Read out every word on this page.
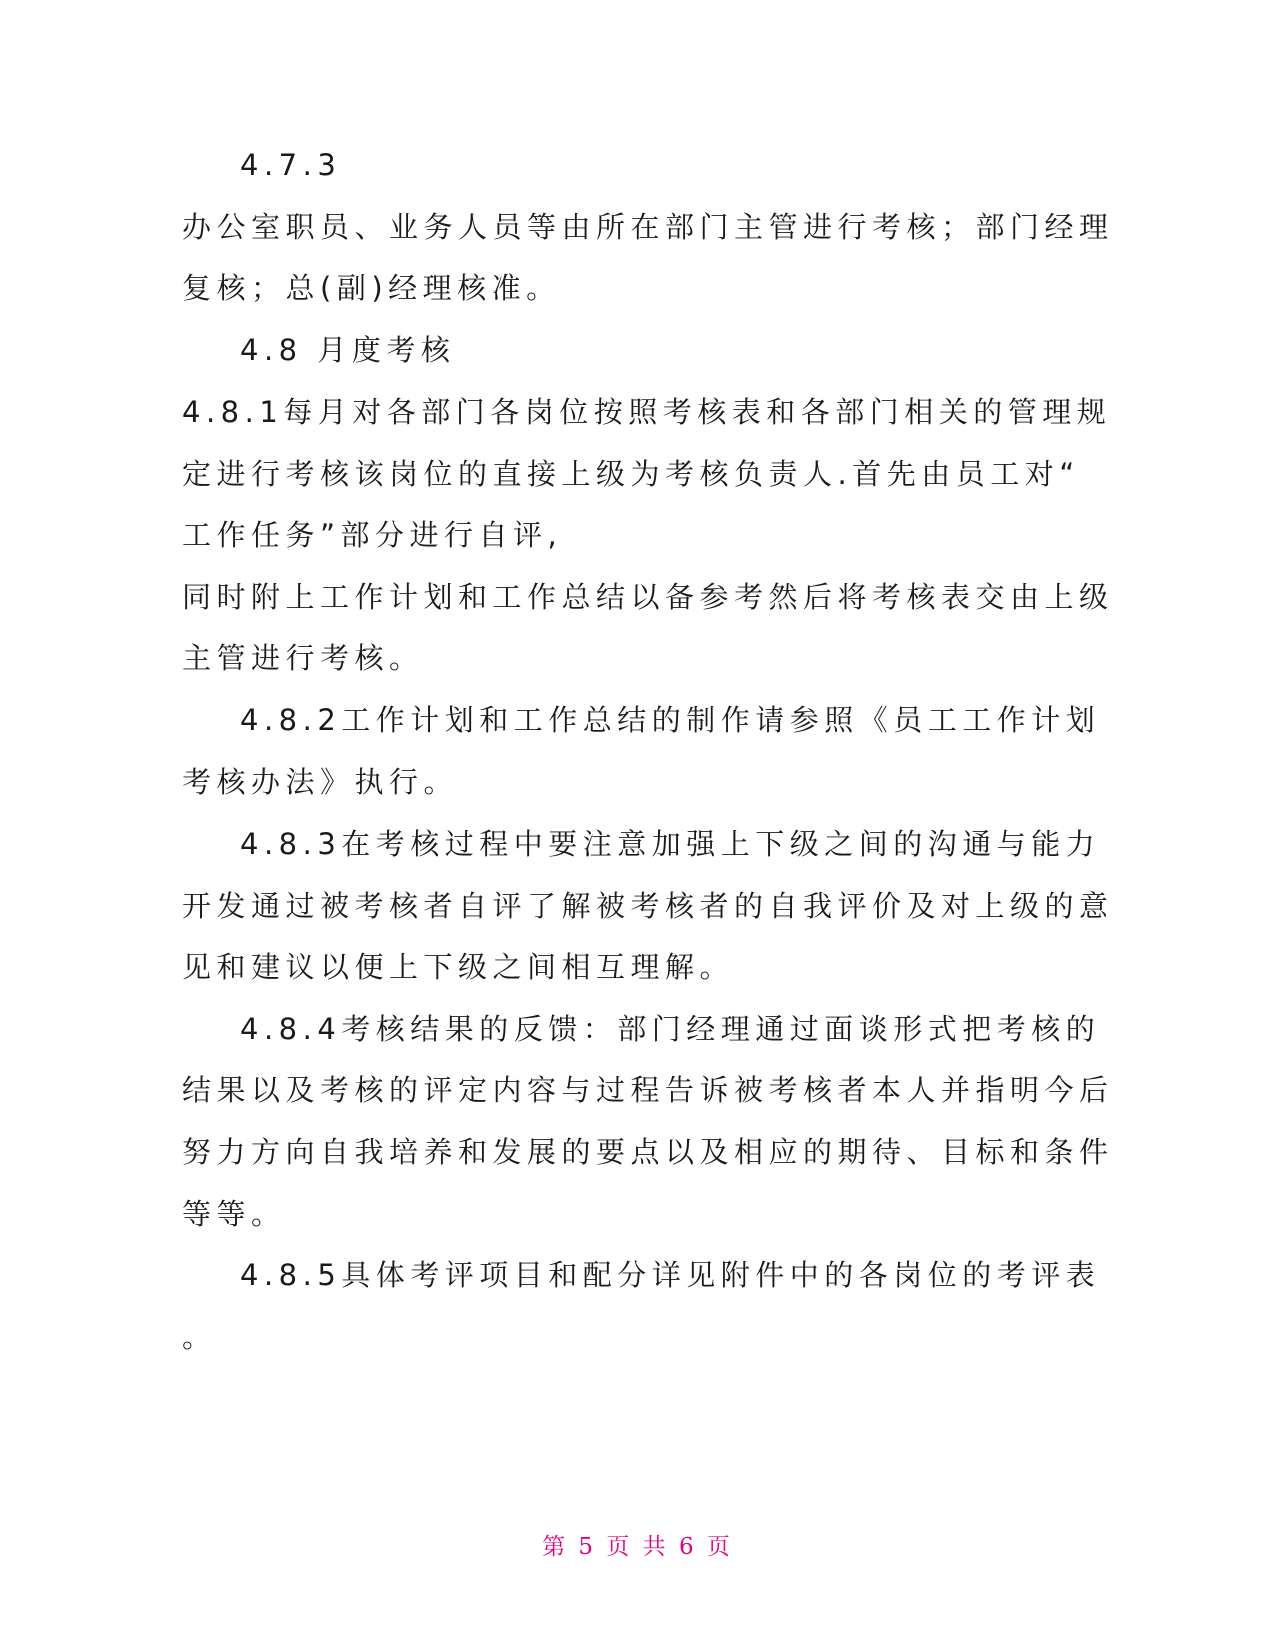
4.7.3
办公室职员、业务人员等由所在部门主管进行考核；部门经理
复核；总(副)经理核准。
4.8 月度考核
4.8.1每月对各部门各岗位按照考核表和各部门相关的管理规
定进行考核该岗位的直接上级为考核负责人.首先由员工对“
工作任务”部分进行自评,
同时附上工作计划和工作总结以备参考然后将考核表交由上级
主管进行考核。
4.8.2工作计划和工作总结的制作请参照《员工工作计划
考核办法》执行。
4.8.3在考核过程中要注意加强上下级之间的沟通与能力
开发通过被考核者自评了解被考核者的自我评价及对上级的意
见和建议以便上下级之间相互理解。
4.8.4考核结果的反馈：部门经理通过面谈形式把考核的
结果以及考核的评定内容与过程告诉被考核者本人并指明今后
努力方向自我培养和发展的要点以及相应的期待、目标和条件
等等。
4.8.5具体考评项目和配分详见附件中的各岗位的考评表
。
第 5 页 共 6 页
